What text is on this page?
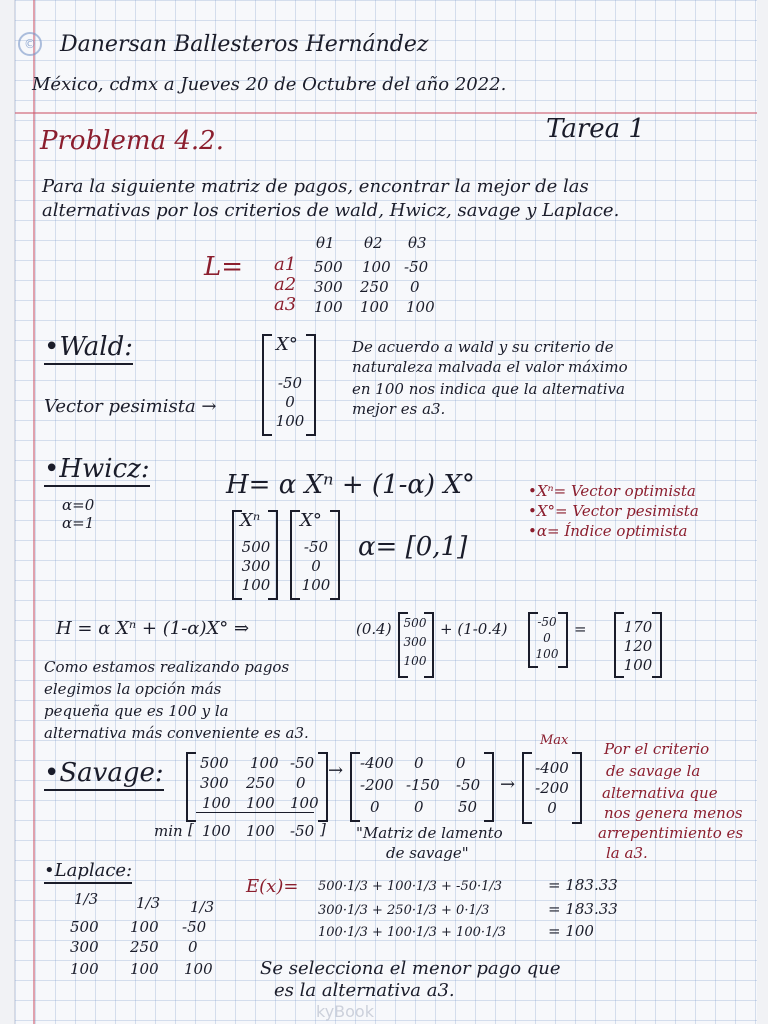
© Danersan Ballesteros Hernández
México, cdmx a Jueves 20 de Octubre del año 2022.
Problema 4.2.	Tarea 1
Para la siguiente matriz de pagos, encontrar la mejor de las
alternativas por los criterios de wald, Hwicz, savage y Laplace.
L=
θ1 θ2 θ3
a1 500 100 -50
a2 300 250 0
a3 100 100 100
•Wald:
Vector pesimista →
X°
-50
0
100
De acuerdo a wald y su criterio de
naturaleza malvada el valor máximo
en 100 nos indica que la alternativa
mejor es a3.
•Hwicz:
H= α Xⁿ + (1-α) X°
α=0
α=1	Xⁿ
500
300
100
X°
-50
0
100
α= [0,1]
•Xⁿ= Vector optimista
•X°= Vector pesimista
•α= Índice optimista
H = α Xⁿ + (1-α)X° ⇒	(0.4) 500
300
100
+ (1-0.4)	-50
0
100
=	170
120
100
Como estamos realizando pagos
elegimos la opción más
pequeña que es 100 y la
alternativa más conveniente es a3.
•Savage: 500 100 -50
300 250 0
100 100 100
min [ 100 100 -50 ]
→ -400 0 0
-200 -150 -50
0 0 50
→
Max
-400
-200
0
"Matriz de lamento
de savage"
Por el criterio
de savage la
alternativa que
nos genera menos
arrepentimiento es
la a3.
•Laplace:
1/3	1/3 1/3
500 100 -50
300 250 0
100 100 100
E(x)= 500·1/3 + 100·1/3 + -50·1/3
300·1/3 + 250·1/3 + 0·1/3
100·1/3 + 100·1/3 + 100·1/3
= 183.33
= 183.33
= 100
Se selecciona el menor pago que
es la alternativa a3.
kyBook
